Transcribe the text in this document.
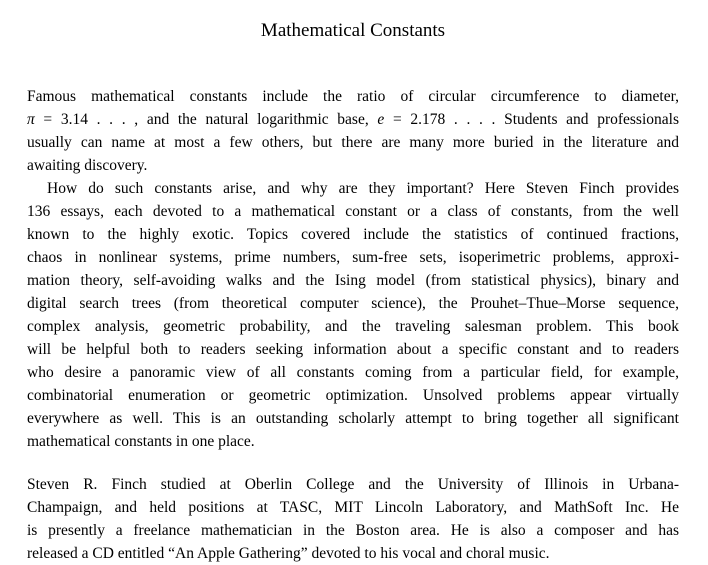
Mathematical Constants
Famous mathematical constants include the ratio of circular circumference to diameter,
π = 3.14 . . . , and the natural logarithmic base, e = 2.178 . . . . Students and professionals
usually can name at most a few others, but there are many more buried in the literature and
awaiting discovery.
How do such constants arise, and why are they important? Here Steven Finch provides
136 essays, each devoted to a mathematical constant or a class of constants, from the well
known to the highly exotic. Topics covered include the statistics of continued fractions,
chaos in nonlinear systems, prime numbers, sum-free sets, isoperimetric problems, approxi-
mation theory, self-avoiding walks and the Ising model (from statistical physics), binary and
digital search trees (from theoretical computer science), the Prouhet–Thue–Morse sequence,
complex analysis, geometric probability, and the traveling salesman problem. This book
will be helpful both to readers seeking information about a specific constant and to readers
who desire a panoramic view of all constants coming from a particular field, for example,
combinatorial enumeration or geometric optimization. Unsolved problems appear virtually
everywhere as well. This is an outstanding scholarly attempt to bring together all significant
mathematical constants in one place.
Steven R. Finch studied at Oberlin College and the University of Illinois in Urbana-
Champaign, and held positions at TASC, MIT Lincoln Laboratory, and MathSoft Inc. He
is presently a freelance mathematician in the Boston area. He is also a composer and has
released a CD entitled “An Apple Gathering” devoted to his vocal and choral music.
